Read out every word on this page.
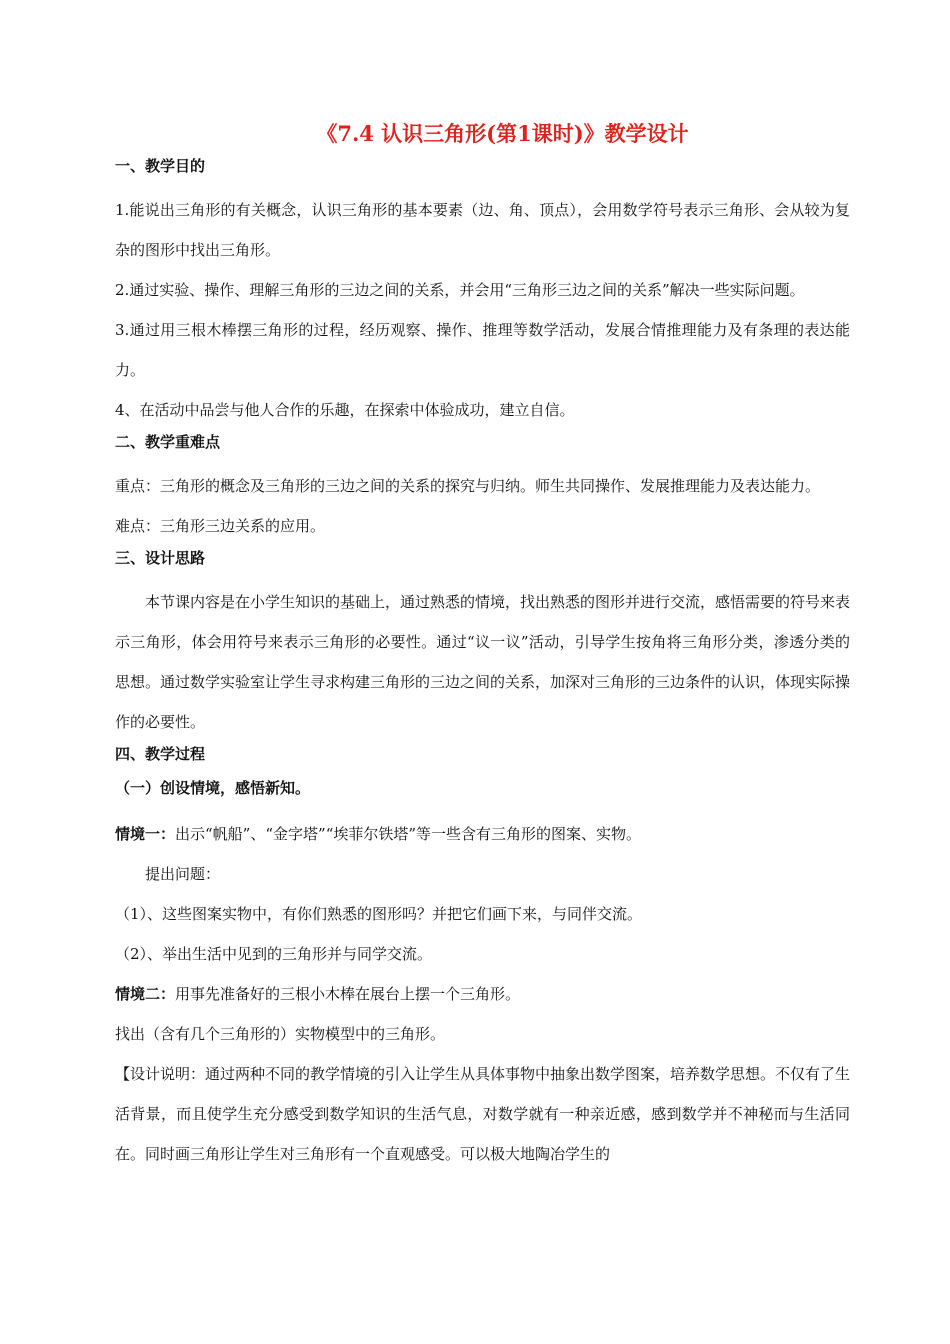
《7.4 认识三角形(第1课时)》教学设计
一、教学目的

1.能说出三角形的有关概念，认识三角形的基本要素（边、角、顶点），会用数学符号表示三角形、会从较为复杂的图形中找出三角形。

2.通过实验、操作、理解三角形的三边之间的关系，并会用“三角形三边之间的关系”解决一些实际问题。

3.通过用三根木棒摆三角形的过程，经历观察、操作、推理等数学活动，发展合情推理能力及有条理的表达能力。

4、在活动中品尝与他人合作的乐趣，在探索中体验成功，建立自信。

二、教学重难点

重点：三角形的概念及三角形的三边之间的关系的探究与归纳。师生共同操作、发展推理能力及表达能力。

难点：三角形三边关系的应用。

三、设计思路

本节课内容是在小学生知识的基础上，通过熟悉的情境，找出熟悉的图形并进行交流，感悟需要的符号来表示三角形，体会用符号来表示三角形的必要性。通过“议一议”活动，引导学生按角将三角形分类，渗透分类的思想。通过数学实验室让学生寻求构建三角形的三边之间的关系，加深对三角形的三边条件的认识，体现实际操作的必要性。

四、教学过程
（一）创设情境，感悟新知。

情境一：出示“帆船”、“金字塔”“埃菲尔铁塔”等一些含有三角形的图案、实物。

提出问题：

（1）、这些图案实物中，有你们熟悉的图形吗？并把它们画下来，与同伴交流。

（2）、举出生活中见到的三角形并与同学交流。

情境二：用事先准备好的三根小木棒在展台上摆一个三角形。

找出（含有几个三角形的）实物模型中的三角形。

【设计说明：通过两种不同的教学情境的引入让学生从具体事物中抽象出数学图案，培养数学思想。不仅有了生活背景，而且使学生充分感受到数学知识的生活气息，对数学就有一种亲近感，感到数学并不神秘而与生活同在。同时画三角形让学生对三角形有一个直观感受。可以极大地陶冶学生的
